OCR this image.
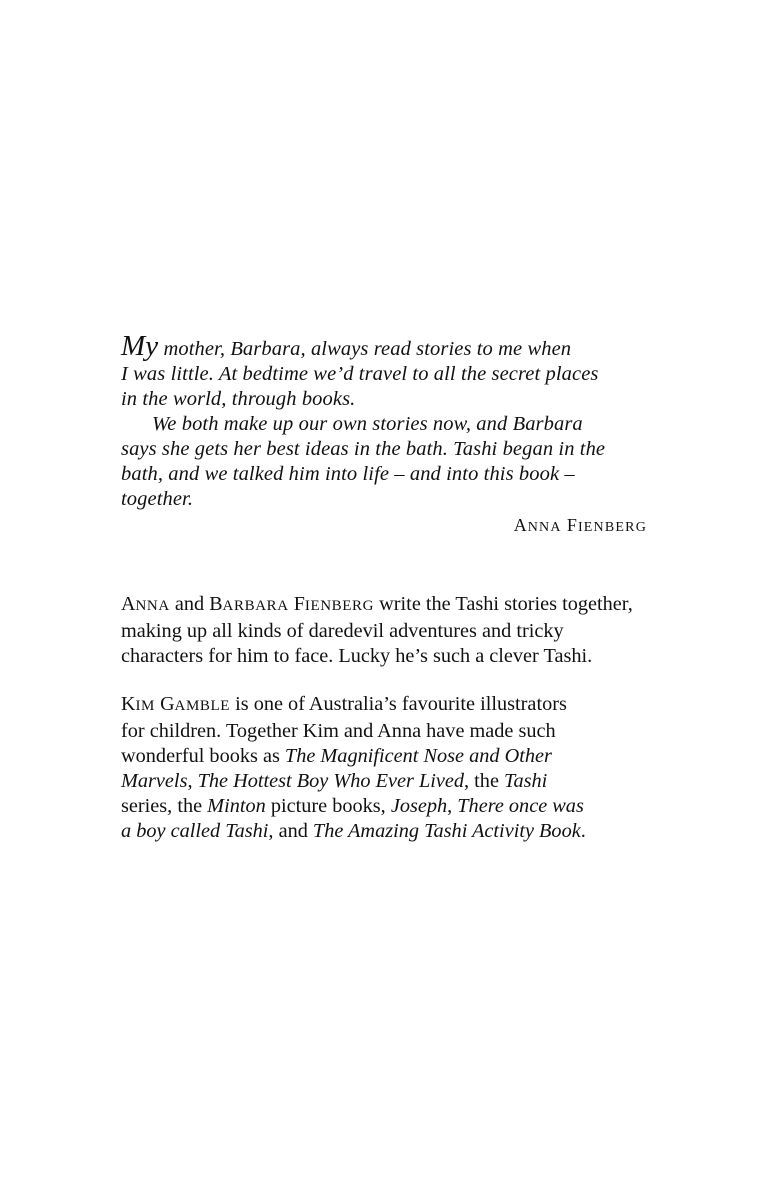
My mother, Barbara, always read stories to me when
I was little. At bedtime we’d travel to all the secret places
in the world, through books.

We both make up our own stories now, and Barbara
says she gets her best ideas in the bath. Tashi began in the
bath, and we talked him into life – and into this book –
together.

ANNA FIENBERG

ANNA and BARBARA FIENBERG write the Tashi stories together,
making up all kinds of daredevil adventures and tricky
characters for him to face. Lucky he’s such a clever Tashi.

KIM GAMBLE is one of Australia’s favourite illustrators
for children. Together Kim and Anna have made such
wonderful books as The Magnificent Nose and Other
Marvels, The Hottest Boy Who Ever Lived, the Tashi
series, the Minton picture books, Joseph, There once was
a boy called Tashi, and The Amazing Tashi Activity Book.
